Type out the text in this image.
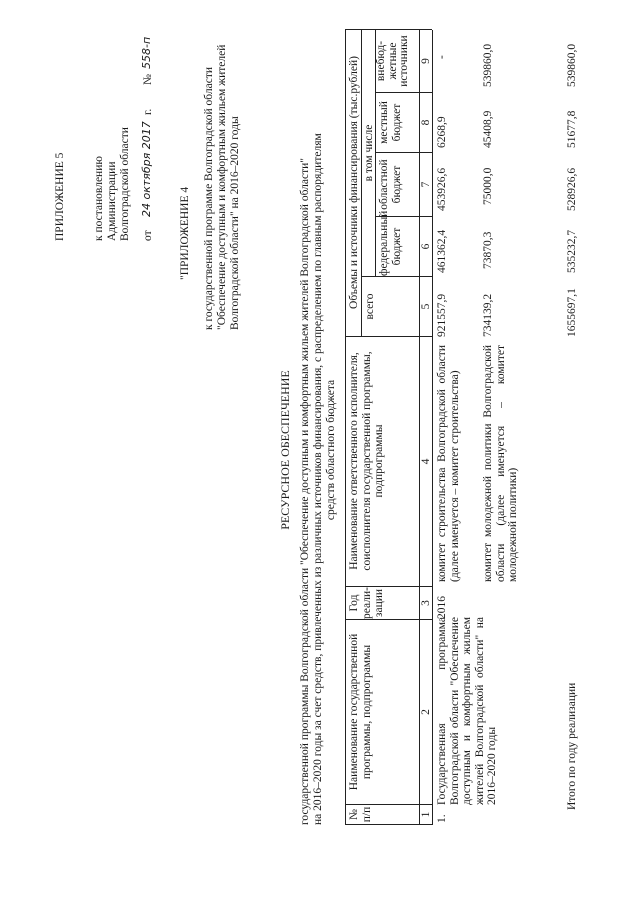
ПРИЛОЖЕНИЕ 5 к постановлению Администрации Волгоградской области от
24 октября 2017
г.
№
558-п
"ПРИЛОЖЕНИЕ 4 к государственной программе Волгоградской области "Обеспечение доступным и комфортным жильем жителей Волгоградской области" на 2016–2020 годы
РЕСУРСНОЕ ОБЕСПЕЧЕНИЕ государственной программы Волгоградской области "Обеспечение доступным и комфортным жильем жителей Волгоградской области" на 2016–2020 годы за счет средств, привлеченных из различных источников финансирования, с распределением по главным распорядителям средств областного бюджета
№ п/п
Наименование государственной программы, подпрограммы
Год реали- зации
Наименование ответственного исполнителя, соисполнителя государственной программы, подпрограммы
Объемы и источники финансирования (тыс.рублей) всего
в том числе
федеральный бюджет
областной бюджет
местный бюджет
внебюд- жетные источники
1
2
3
4
5
6
7
8
9
1.
Государственная программа Волгоградской области "Обеспечение доступным и комфортным жильем жителей Волгоградской области" на 2016–2020 годы
2016
комитет строительства Волгоградской области (далее именуется – комитет строительства)
921557,9
461362,4
453926,6
6268,9
-
комитет молодежной политики Волгоградской области (далее именуется – комитет молодежной политики)
734139,2
73870,3
75000,0
45408,9
539860,0
Итого по году реализации
1655697,1
535232,7
528926,6
51677,8
539860,0
